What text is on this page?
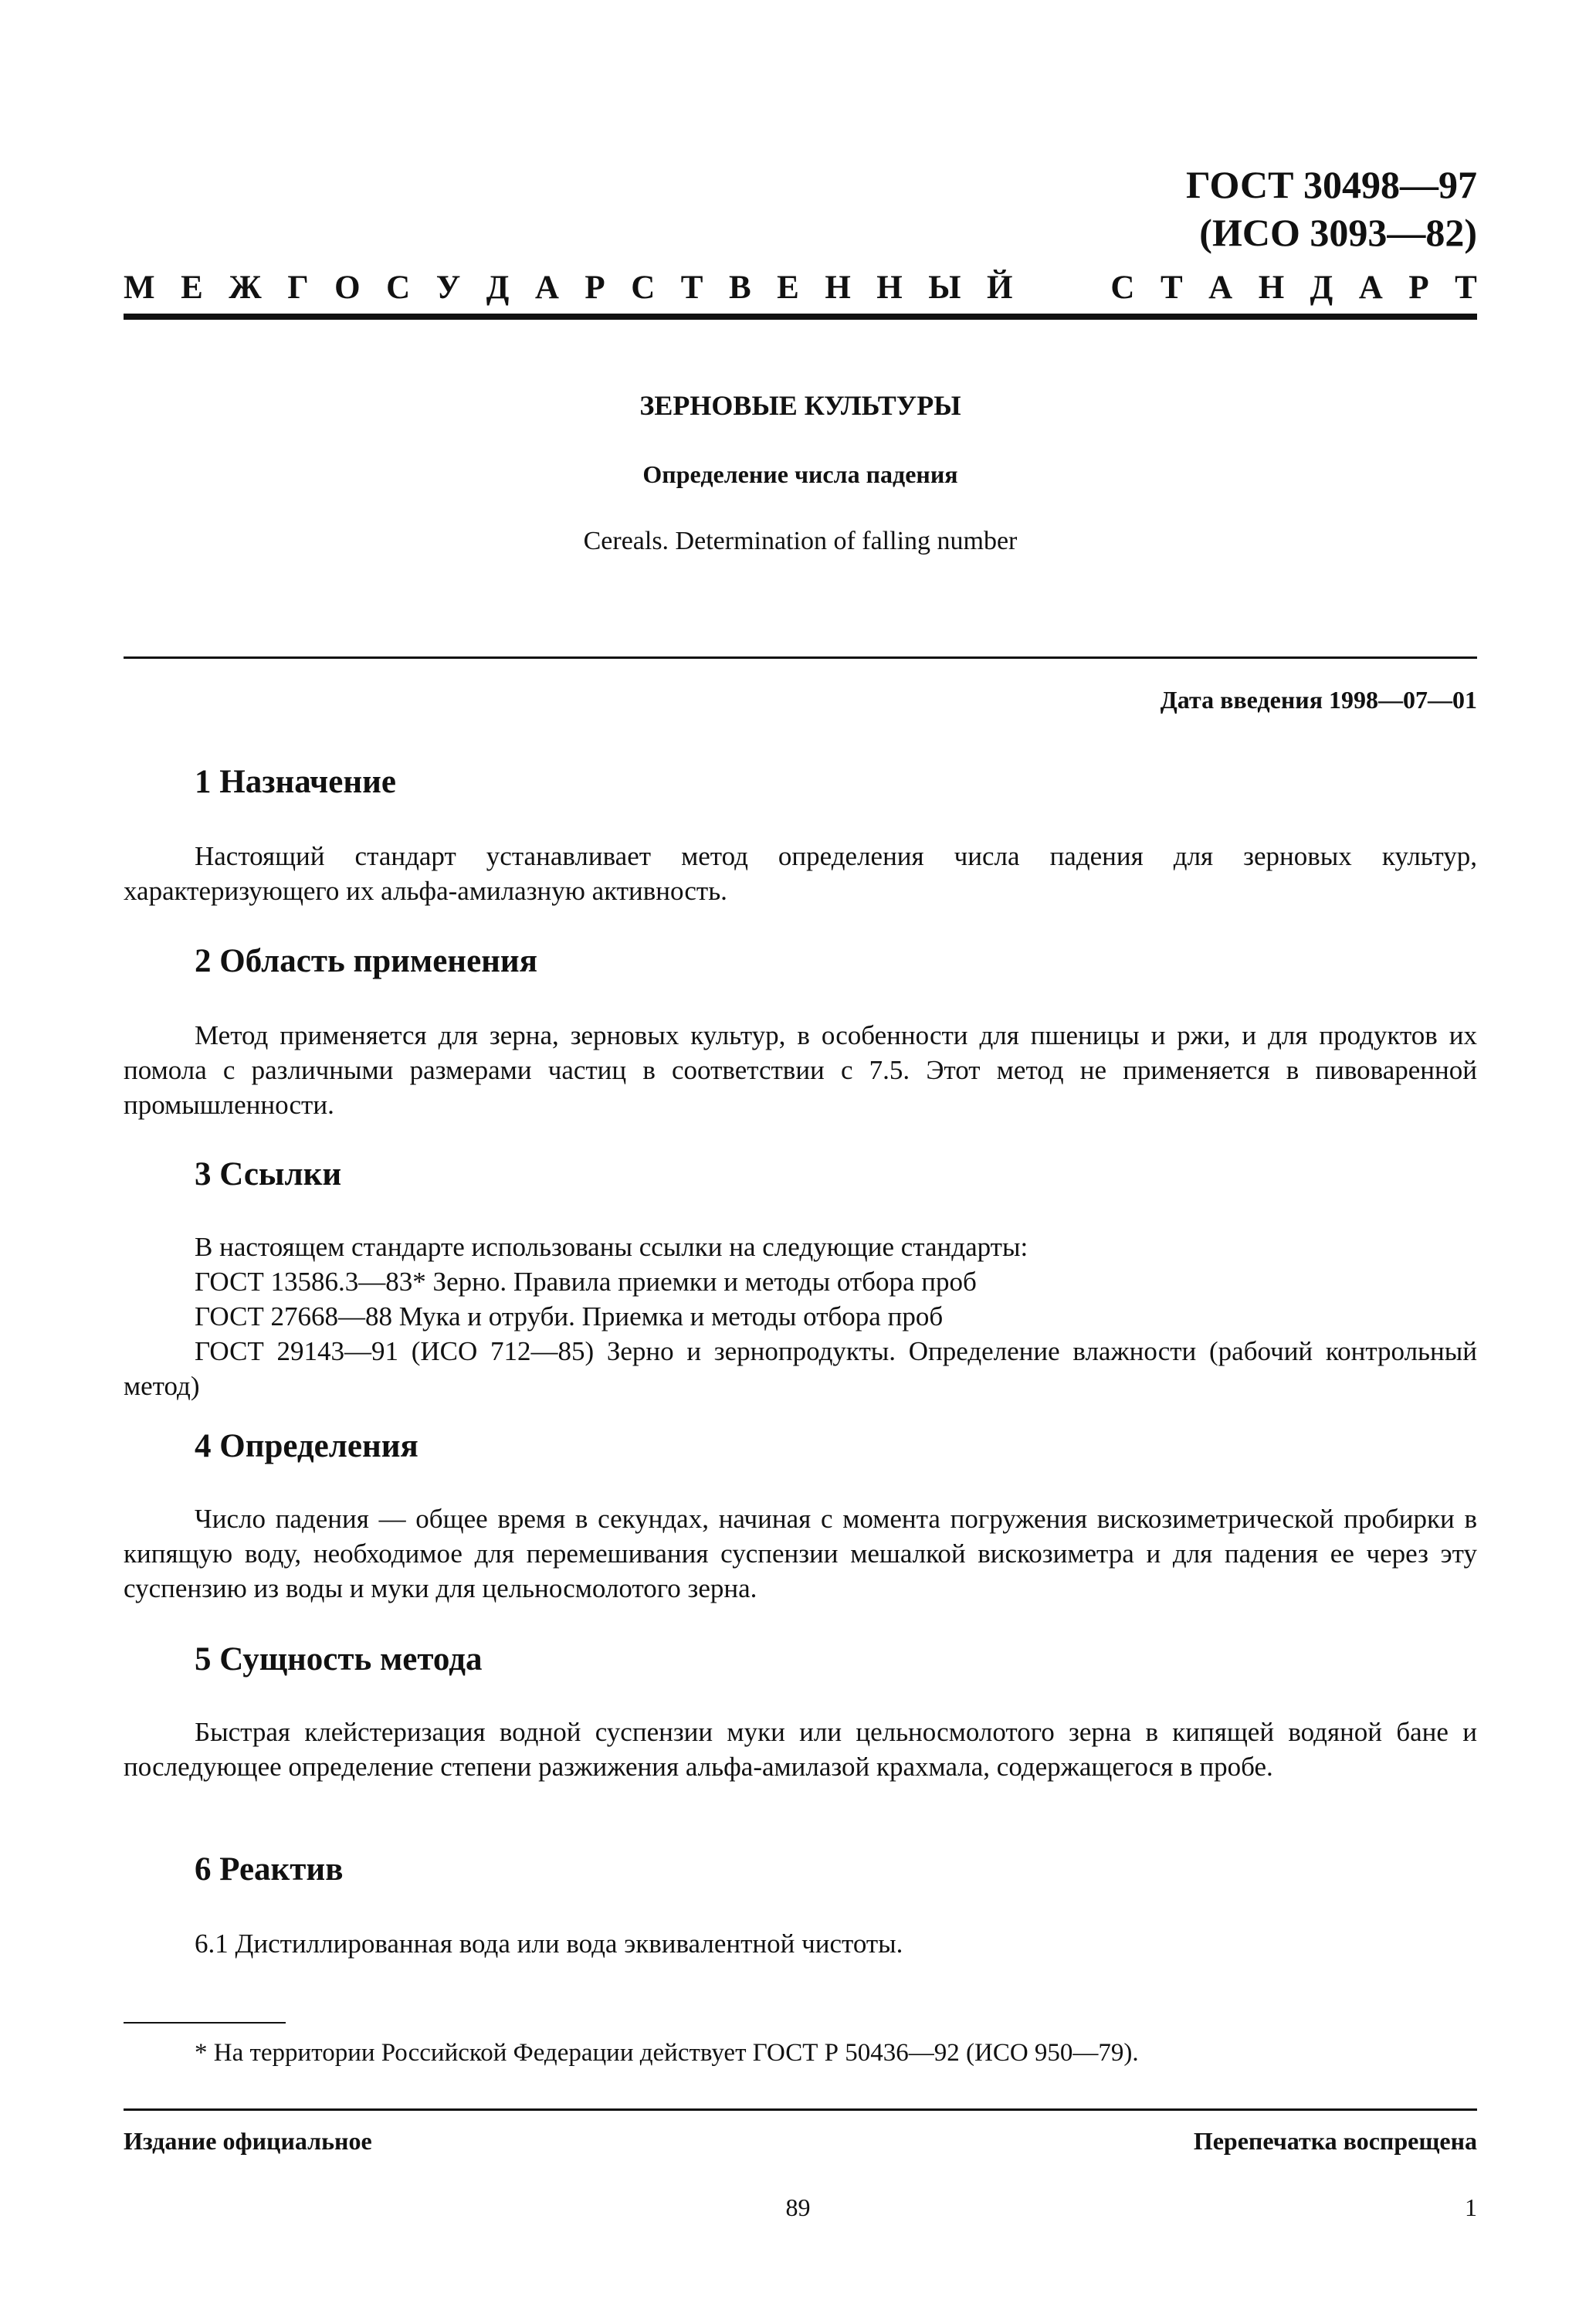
ГОСТ 30498—97
(ИСО 3093—82)
М Е Ж Г О С У Д А Р С Т В Е Н Н Ы Й	С Т А Н Д А Р Т
ЗЕРНОВЫЕ КУЛЬТУРЫ
Определение числа падения
Cereals. Determination of falling number
Дата введения 1998—07—01
1 Назначение

Настоящий стандарт устанавливает метод определения числа падения для зерновых культур, характеризующего их альфа-амилазную активность.

2 Область применения

Метод применяется для зерна, зерновых культур, в особенности для пшеницы и ржи, и для продуктов их помола с различными размерами частиц в соответствии с 7.5. Этот метод не применяется в пивоваренной промышленности.

3 Ссылки
В настоящем стандарте использованы ссылки на следующие стандарты:
ГОСТ 13586.3—83* Зерно. Правила приемки и методы отбора проб
ГОСТ 27668—88 Мука и отруби. Приемка и методы отбора проб

ГОСТ 29143—91 (ИСО 712—85) Зерно и зернопродукты. Определение влажности (рабочий контрольный метод)

4 Определения

Число падения — общее время в секундах, начиная с момента погружения вискозиметрической пробирки в кипящую воду, необходимое для перемешивания суспензии мешалкой вискозиметра и для падения ее через эту суспензию из воды и муки для цельносмолотого зерна.

5 Сущность метода

Быстрая клейстеризация водной суспензии муки или цельносмолотого зерна в кипящей водяной бане и последующее определение степени разжижения альфа-амилазой крахмала, содержащегося в пробе.

6 Реактив
6.1 Дистиллированная вода или вода эквивалентной чистоты.
* На территории Российской Федерации действует ГОСТ Р 50436—92 (ИСО 950—79).
Издание официальное	Перепечатка воспрещена
89	1
